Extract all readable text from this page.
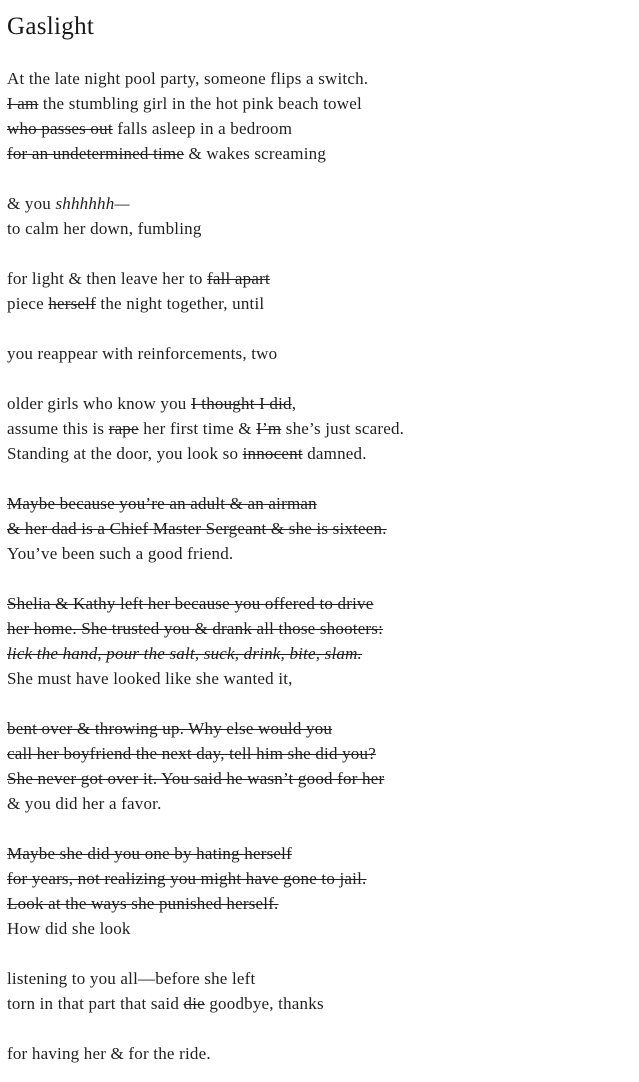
Gaslight
At the late night pool party, someone flips a switch.
I am the stumbling girl in the hot pink beach towel
who passes out falls asleep in a bedroom
for an undetermined time & wakes screaming
& you shhhhhh—
to calm her down, fumbling
for light & then leave her to fall apart
piece herself the night together, until
you reappear with reinforcements, two
older girls who know you I thought I did,
assume this is rape her first time & I’m she’s just scared.
Standing at the door, you look so innocent damned.
Maybe because you’re an adult & an airman
& her dad is a Chief Master Sergeant & she is sixteen.
You’ve been such a good friend.
Shelia & Kathy left her because you offered to drive
her home. She trusted you & drank all those shooters:
lick the hand, pour the salt, suck, drink, bite, slam.
She must have looked like she wanted it,
bent over & throwing up. Why else would you
call her boyfriend the next day, tell him she did you?
She never got over it. You said he wasn’t good for her
& you did her a favor.
Maybe she did you one by hating herself
for years, not realizing you might have gone to jail.
Look at the ways she punished herself.
How did she look
listening to you all—before she left
torn in that part that said die goodbye, thanks
for having her & for the ride.
